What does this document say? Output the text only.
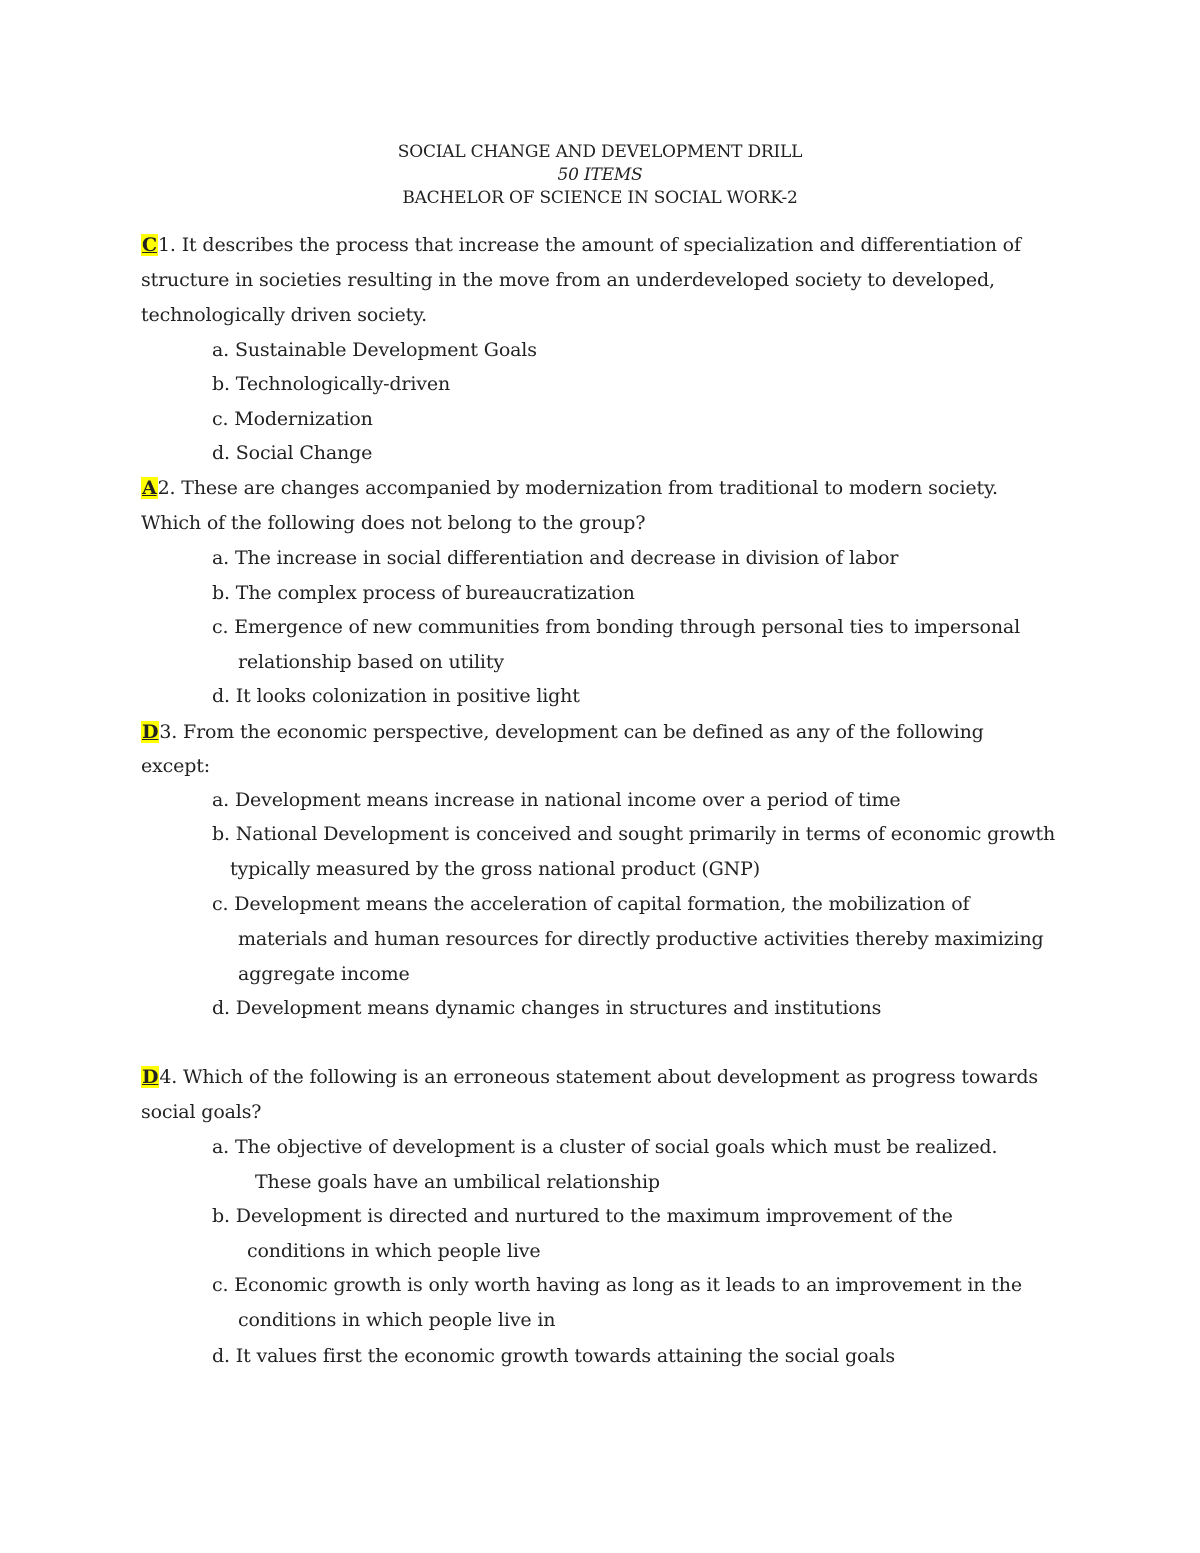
SOCIAL CHANGE AND DEVELOPMENT DRILL
50 ITEMS
BACHELOR OF SCIENCE IN SOCIAL WORK-2
C1. It describes the process that increase the amount of specialization and differentiation of
structure in societies resulting in the move from an underdeveloped society to developed,
technologically driven society.
a. Sustainable Development Goals
b. Technologically-driven
c. Modernization
d. Social Change
A2. These are changes accompanied by modernization from traditional to modern society.
Which of the following does not belong to the group?
a. The increase in social differentiation and decrease in division of labor
b. The complex process of bureaucratization
c. Emergence of new communities from bonding through personal ties to impersonal
relationship based on utility
d. It looks colonization in positive light
D3. From the economic perspective, development can be defined as any of the following
except:
a. Development means increase in national income over a period of time
b. National Development is conceived and sought primarily in terms of economic growth
typically measured by the gross national product (GNP)
c. Development means the acceleration of capital formation, the mobilization of
materials and human resources for directly productive activities thereby maximizing
aggregate income
d. Development means dynamic changes in structures and institutions
D4. Which of the following is an erroneous statement about development as progress towards
social goals?
a. The objective of development is a cluster of social goals which must be realized.
These goals have an umbilical relationship
b. Development is directed and nurtured to the maximum improvement of the
conditions in which people live
c. Economic growth is only worth having as long as it leads to an improvement in the
conditions in which people live in
d. It values first the economic growth towards attaining the social goals
